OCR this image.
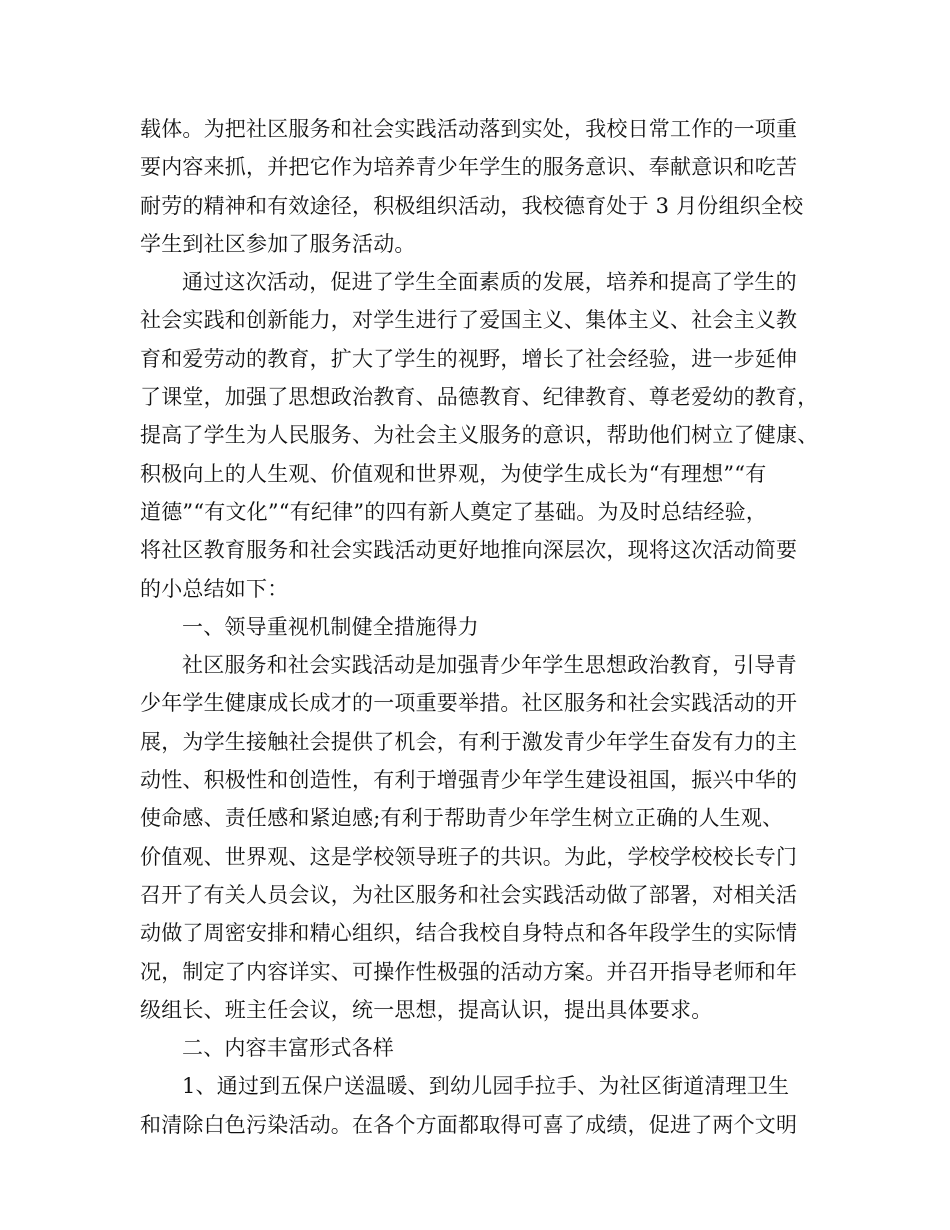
载体。为把社区服务和社会实践活动落到实处，我校日常工作的一项重
要内容来抓，并把它作为培养青少年学生的服务意识、奉献意识和吃苦
耐劳的精神和有效途径，积极组织活动，我校德育处于 3 月份组织全校
学生到社区参加了服务活动。
通过这次活动，促进了学生全面素质的发展，培养和提高了学生的
社会实践和创新能力，对学生进行了爱国主义、集体主义、社会主义教
育和爱劳动的教育，扩大了学生的视野，增长了社会经验，进一步延伸
了课堂，加强了思想政治教育、品德教育、纪律教育、尊老爱幼的教育，
提高了学生为人民服务、为社会主义服务的意识，帮助他们树立了健康、
积极向上的人生观、价值观和世界观，为使学生成长为“有理想”“有
道德”“有文化”“有纪律”的四有新人奠定了基础。为及时总结经验，
将社区教育服务和社会实践活动更好地推向深层次，现将这次活动简要
的小总结如下：
一、领导重视机制健全措施得力
社区服务和社会实践活动是加强青少年学生思想政治教育，引导青
少年学生健康成长成才的一项重要举措。社区服务和社会实践活动的开
展，为学生接触社会提供了机会，有利于激发青少年学生奋发有力的主
动性、积极性和创造性，有利于增强青少年学生建设祖国，振兴中华的
使命感、责任感和紧迫感;有利于帮助青少年学生树立正确的人生观、
价值观、世界观、这是学校领导班子的共识。为此，学校学校校长专门
召开了有关人员会议，为社区服务和社会实践活动做了部署，对相关活
动做了周密安排和精心组织，结合我校自身特点和各年段学生的实际情
况，制定了内容详实、可操作性极强的活动方案。并召开指导老师和年
级组长、班主任会议，统一思想，提高认识，提出具体要求。
二、内容丰富形式各样
1、通过到五保户送温暖、到幼儿园手拉手、为社区街道清理卫生
和清除白色污染活动。在各个方面都取得可喜了成绩，促进了两个文明
